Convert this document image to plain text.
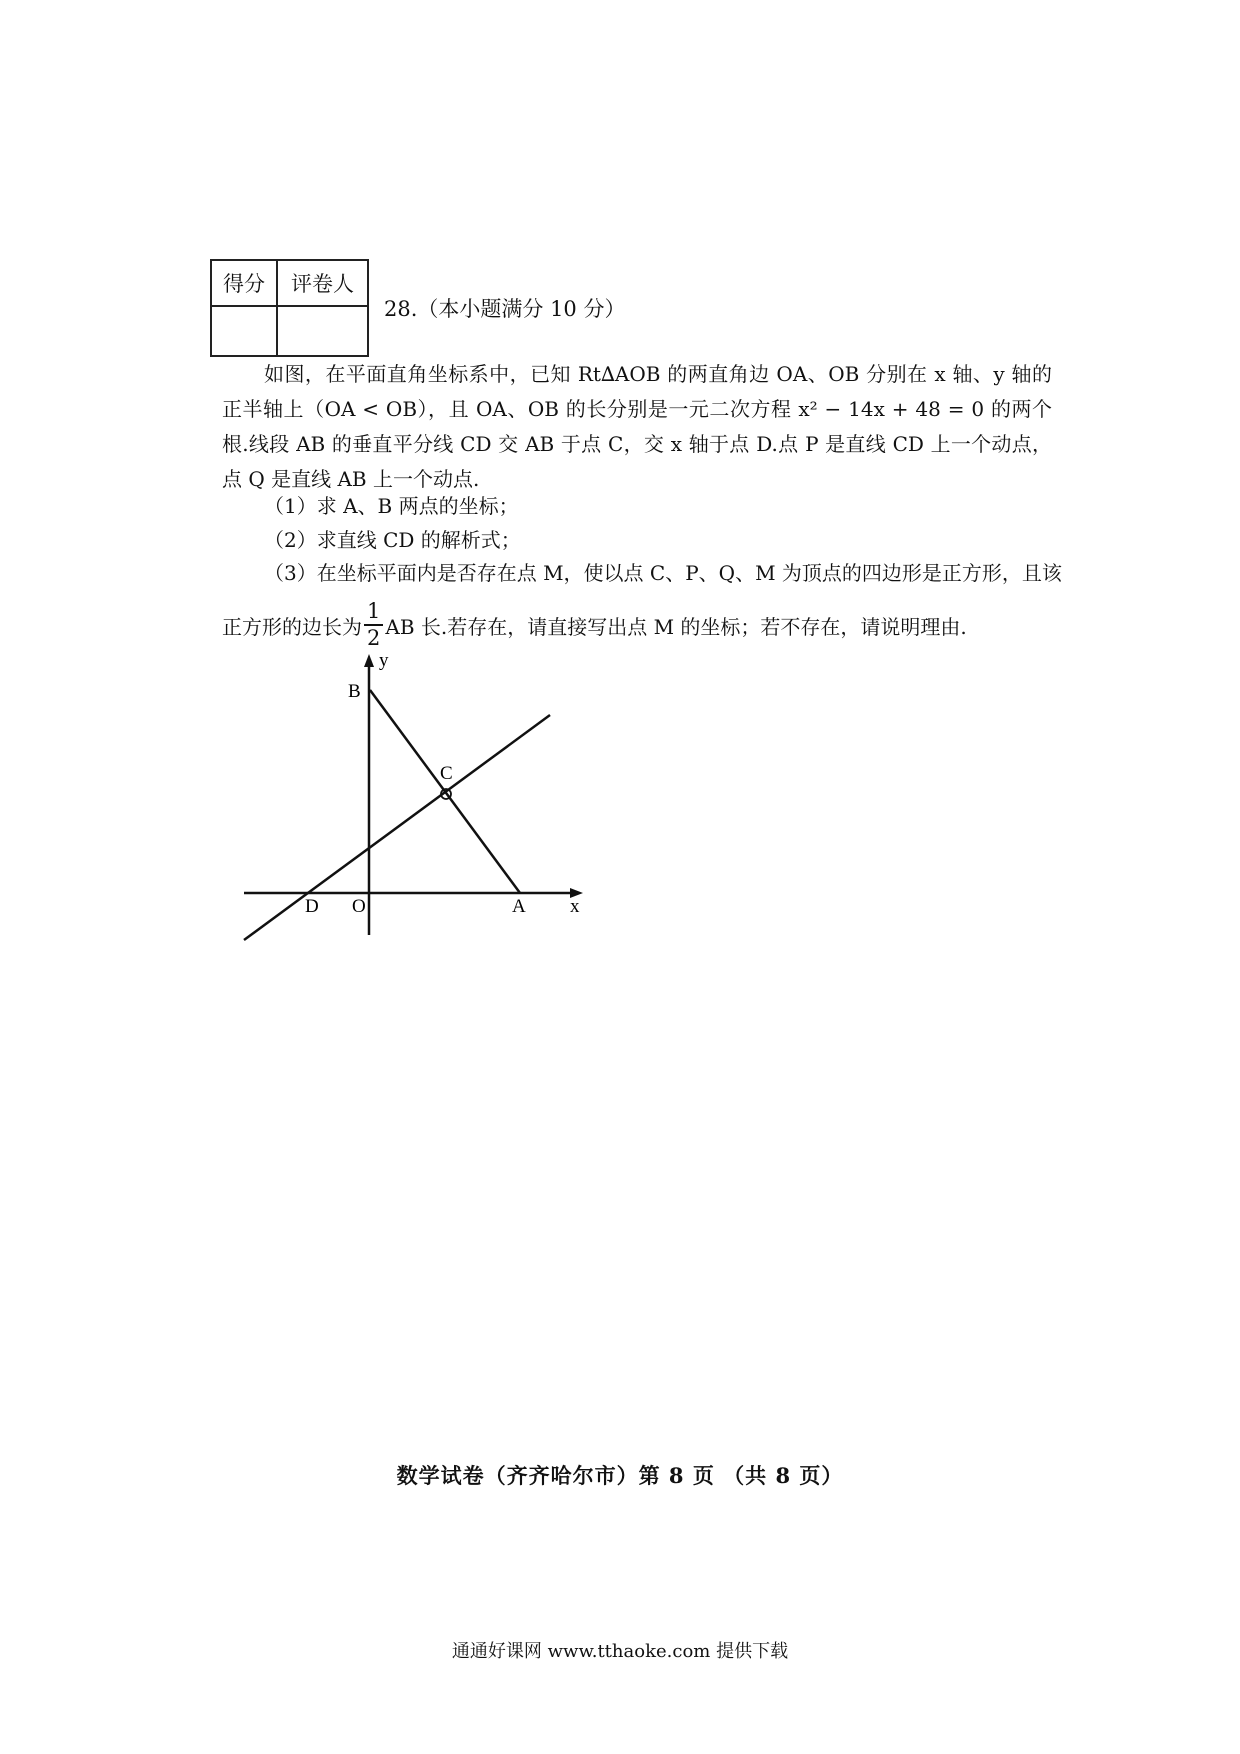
得分	评卷人

28.（本小题满分 10 分）
如图，在平面直角坐标系中，已知 Rt∆AOB 的两直角边 OA、OB 分别在 x 轴、y 轴的正半轴上（OA < OB），且 OA、OB 的长分别是一元二次方程 x² − 14x + 48 = 0 的两个根.线段 AB 的垂直平分线 CD 交 AB 于点 C，交 x 轴于点 D.点 P 是直线 CD 上一个动点，点 Q 是直线 AB 上一个动点.
（1）求 A、B 两点的坐标；
（2）求直线 CD 的解析式；
（3）在坐标平面内是否存在点 M，使以点 C、P、Q、M 为顶点的四边形是正方形，且该
正方形的边长为 $\frac{1}{2}$ AB 长.若存在，请直接写出点 M 的坐标；若不存在，请说明理由.
B
C
D O	A x
y
数学试卷（齐齐哈尔市）第 8 页 （共 8 页）
通通好课网 www.tthaoke.com 提供下载
